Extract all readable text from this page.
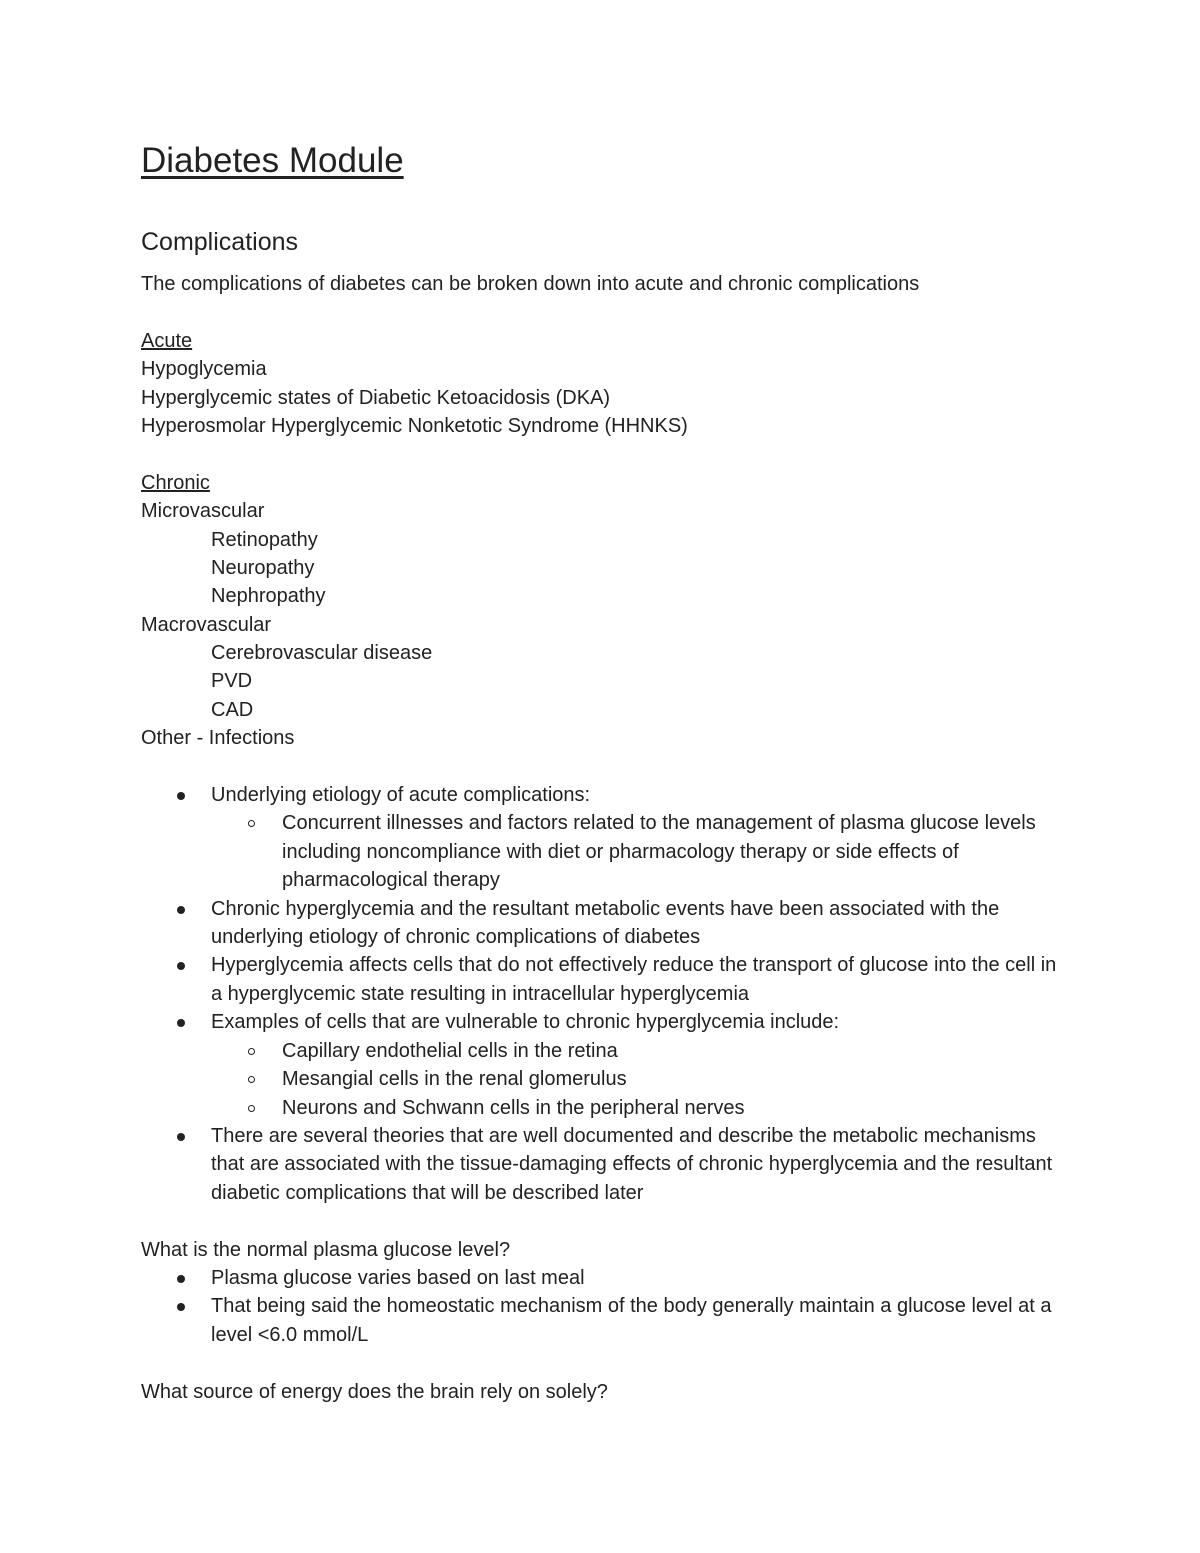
Diabetes Module
Complications
The complications of diabetes can be broken down into acute and chronic complications
Acute
Hypoglycemia
Hyperglycemic states of Diabetic Ketoacidosis (DKA)
Hyperosmolar Hyperglycemic Nonketotic Syndrome (HHNKS)
Chronic
Microvascular
Retinopathy
Neuropathy
Nephropathy
Macrovascular
Cerebrovascular disease
PVD
CAD
Other - Infections
Underlying etiology of acute complications:
Concurrent illnesses and factors related to the management of plasma glucose levels including noncompliance with diet or pharmacology therapy or side effects of pharmacological therapy
Chronic hyperglycemia and the resultant metabolic events have been associated with the underlying etiology of chronic complications of diabetes
Hyperglycemia affects cells that do not effectively reduce the transport of glucose into the cell in a hyperglycemic state resulting in intracellular hyperglycemia
Examples of cells that are vulnerable to chronic hyperglycemia include:
Capillary endothelial cells in the retina
Mesangial cells in the renal glomerulus
Neurons and Schwann cells in the peripheral nerves
There are several theories that are well documented and describe the metabolic mechanisms that are associated with the tissue-damaging effects of chronic hyperglycemia and the resultant diabetic complications that will be described later
What is the normal plasma glucose level?
Plasma glucose varies based on last meal
That being said the homeostatic mechanism of the body generally maintain a glucose level at a level <6.0 mmol/L
What source of energy does the brain rely on solely?
